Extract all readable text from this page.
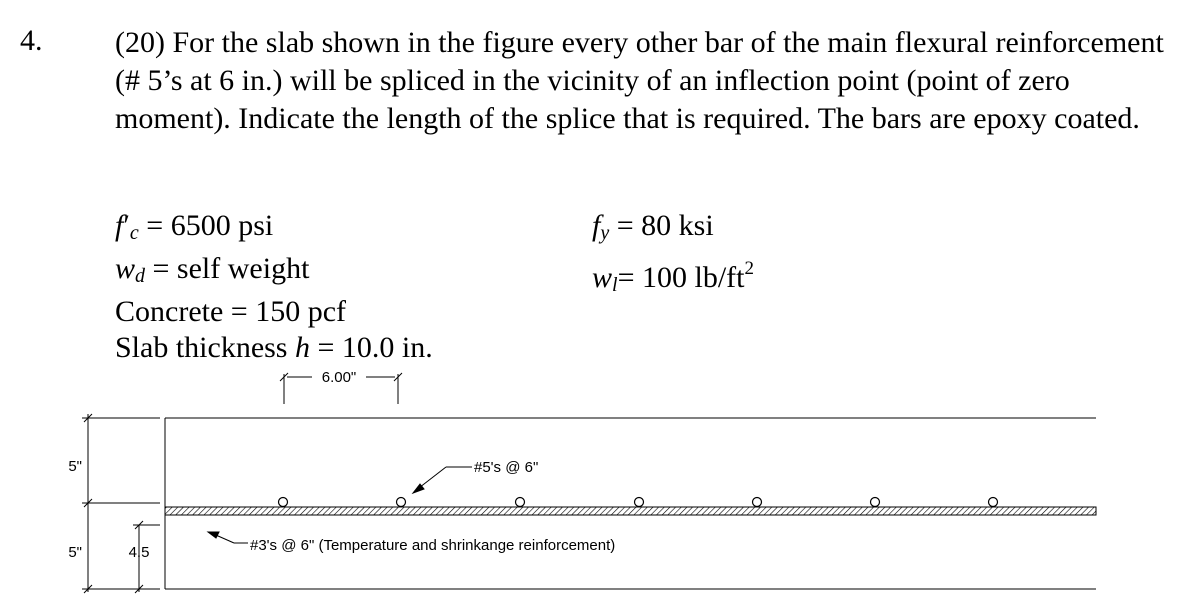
4. (20) For the slab shown in the figure every other bar of the main flexural reinforcement (# 5’s at 6 in.) will be spliced in the vicinity of an inflection point (point of zero moment). Indicate the length of the splice that is required. The bars are epoxy coated.
$f'_c = 6500$ psi
$w_d$ = self weight
Concrete = 150 pcf
Slab thickness h = 10.0 in.
$f_y = 80$ ksi
$w_l= 100$ $lb/ft^2$
6.00"
#5's @ 6"
#3's @ 6" (Temperature and shrinkange reinforcement)
5"
5"	4.5
